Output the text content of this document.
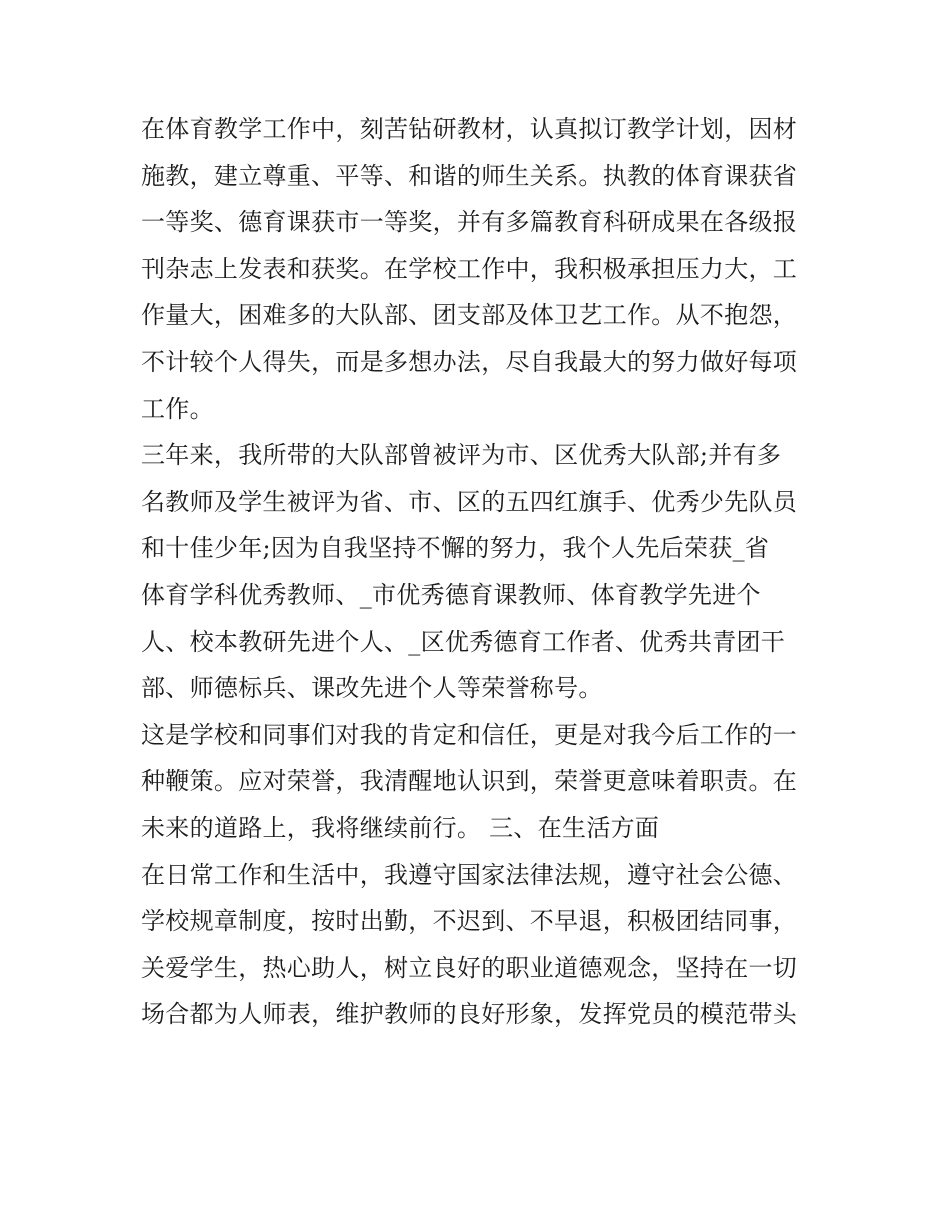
在体育教学工作中，刻苦钻研教材，认真拟订教学计划，因材
施教，建立尊重、平等、和谐的师生关系。执教的体育课获省
一等奖、德育课获市一等奖，并有多篇教育科研成果在各级报
刊杂志上发表和获奖。在学校工作中，我积极承担压力大，工
作量大，困难多的大队部、团支部及体卫艺工作。从不抱怨，
不计较个人得失，而是多想办法，尽自我最大的努力做好每项
工作。
三年来，我所带的大队部曾被评为市、区优秀大队部;并有多
名教师及学生被评为省、市、区的五四红旗手、优秀少先队员
和十佳少年;因为自我坚持不懈的努力，我个人先后荣获_省
体育学科优秀教师、_市优秀德育课教师、体育教学先进个
人、校本教研先进个人、_区优秀德育工作者、优秀共青团干
部、师德标兵、课改先进个人等荣誉称号。
这是学校和同事们对我的肯定和信任，更是对我今后工作的一
种鞭策。应对荣誉，我清醒地认识到，荣誉更意味着职责。在
未来的道路上，我将继续前行。 三、在生活方面
在日常工作和生活中，我遵守国家法律法规，遵守社会公德、
学校规章制度，按时出勤，不迟到、不早退，积极团结同事，
关爱学生，热心助人，树立良好的职业道德观念，坚持在一切
场合都为人师表，维护教师的良好形象，发挥党员的模范带头
